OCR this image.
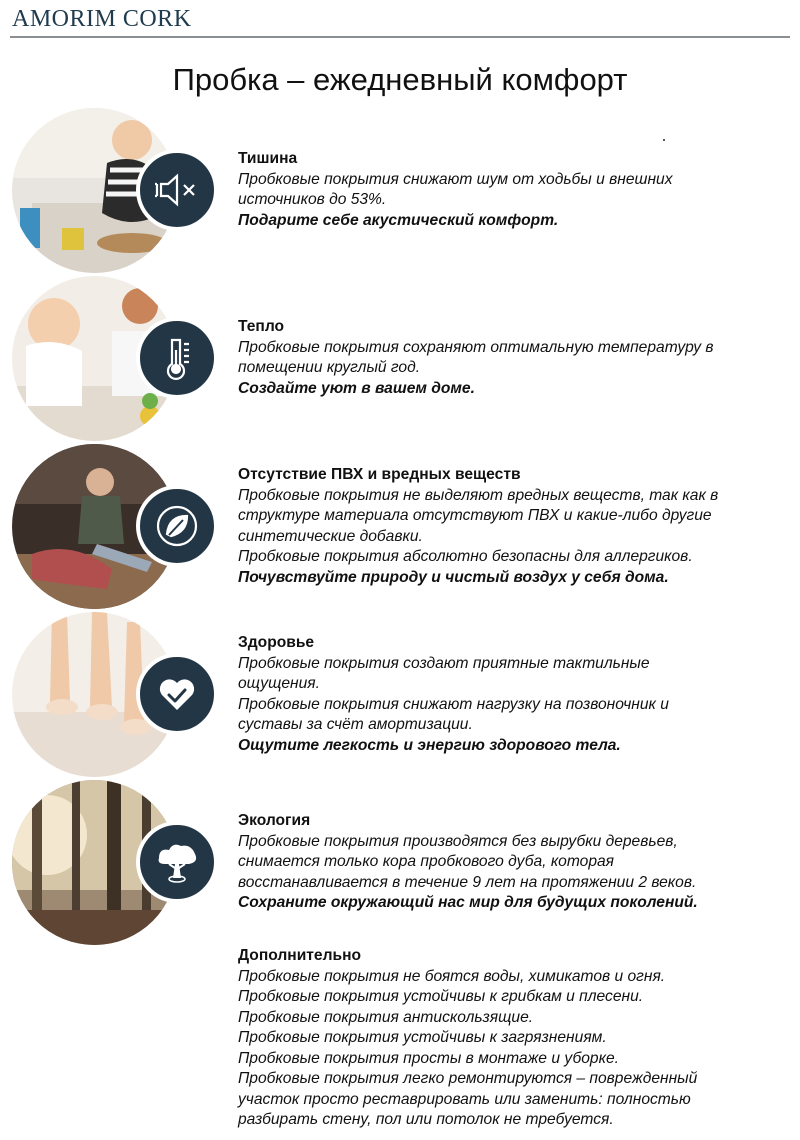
AMORIM CORK
Пробка – ежедневный комфорт
Тишина
Пробковые покрытия снижают шум от ходьбы и внешних
источников до 53%.
Подарите себе акустический комфорт.
Тепло
Пробковые покрытия сохраняют оптимальную температуру в
помещении круглый год.
Создайте уют в вашем доме.
Отсутствие ПВХ и вредных веществ
Пробковые покрытия не выделяют вредных веществ, так как в
структуре материала отсутствуют ПВХ и какие-либо другие
синтетические добавки.
Пробковые покрытия абсолютно безопасны для аллергиков.
Почувствуйте природу и чистый воздух у себя дома.
Здоровье
Пробковые покрытия создают приятные тактильные
ощущения.
Пробковые покрытия снижают нагрузку на позвоночник и
суставы за счёт амортизации.
Ощутите легкость и энергию здорового тела.
Экология
Пробковые покрытия производятся без вырубки деревьев,
снимается только кора пробкового дуба, которая
восстанавливается в течение 9 лет на протяжении 2 веков.
Сохраните окружающий нас мир для будущих поколений.
Дополнительно
Пробковые покрытия не боятся воды, химикатов и огня.
Пробковые покрытия устойчивы к грибкам и плесени.
Пробковые покрытия антискользящие.
Пробковые покрытия устойчивы к загрязнениям.
Пробковые покрытия просты в монтаже и уборке.
Пробковые покрытия легко ремонтируются – поврежденный
участок просто реставрировать или заменить: полностью
разбирать стену, пол или потолок не требуется.
